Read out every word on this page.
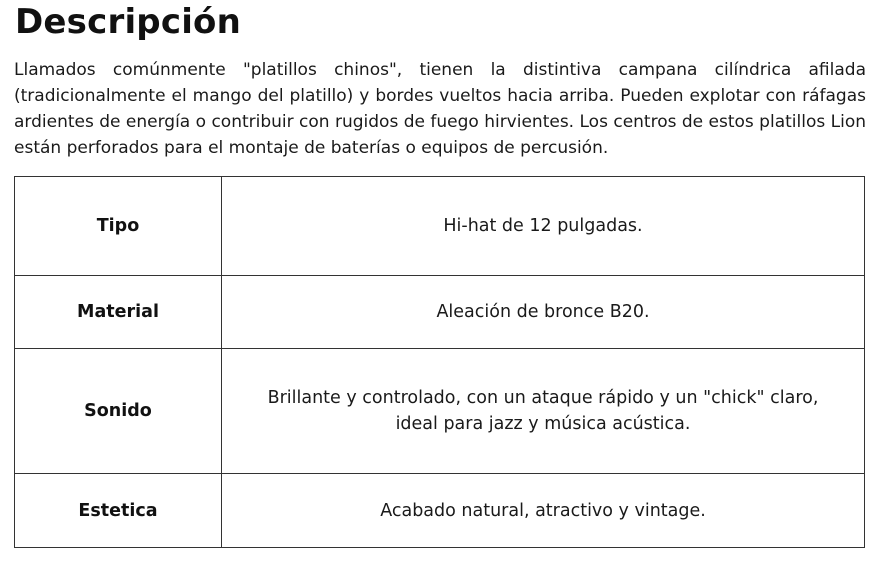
Descripción

Llamados comúnmente "platillos chinos", tienen la distintiva campana cilíndrica afilada (tradicionalmente el mango del platillo) y bordes vueltos hacia arriba. Pueden explotar con ráfagas ardientes de energía o contribuir con rugidos de fuego hirvientes. Los centros de estos platillos Lion están perforados para el montaje de baterías o equipos de percusión.

Tipo	Hi-hat de 12 pulgadas.
Material	Aleación de bronce B20.
Sonido	Brillante y controlado, con un ataque rápido y un "chick" claro, ideal para jazz y música acústica.
Estetica	Acabado natural, atractivo y vintage.
